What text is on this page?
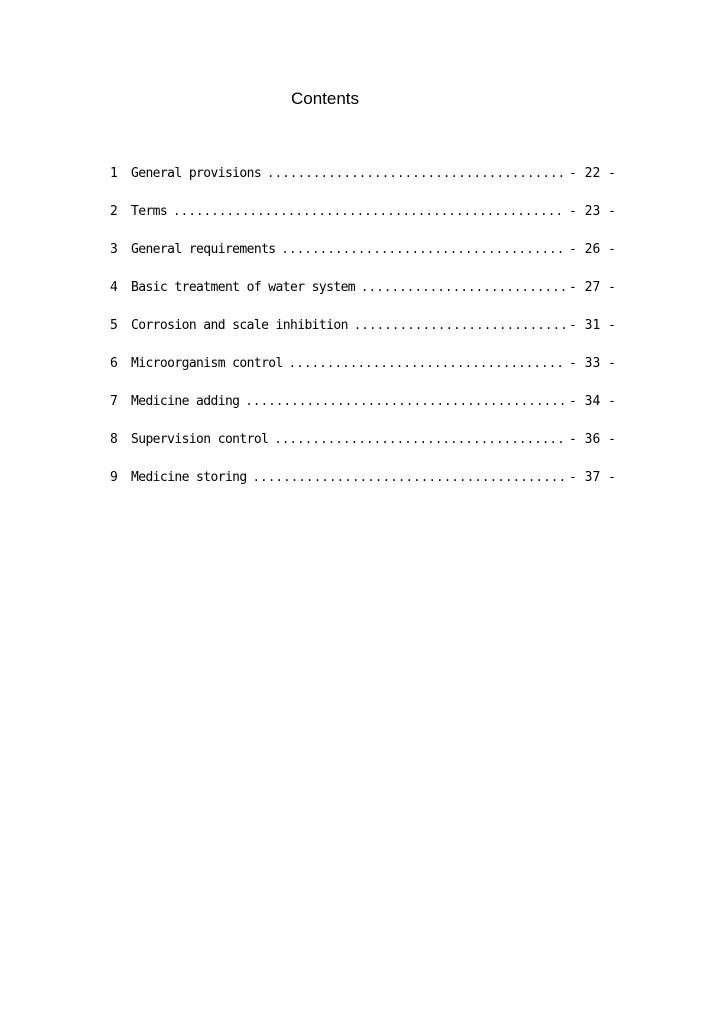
Contents
1	General provisions . . .	- 22 -
2	Terms . . .	- 23 -
3	General requirements . . .	- 26 -
4	Basic treatment of water system . . .	- 27 -
5	Corrosion and scale inhibition . . .	- 31 -
6	Microorganism control . . .	- 33 -
7	Medicine adding . . .	- 34 -
8	Supervision control . . .	- 36 -
9	Medicine storing . . .	- 37 -
